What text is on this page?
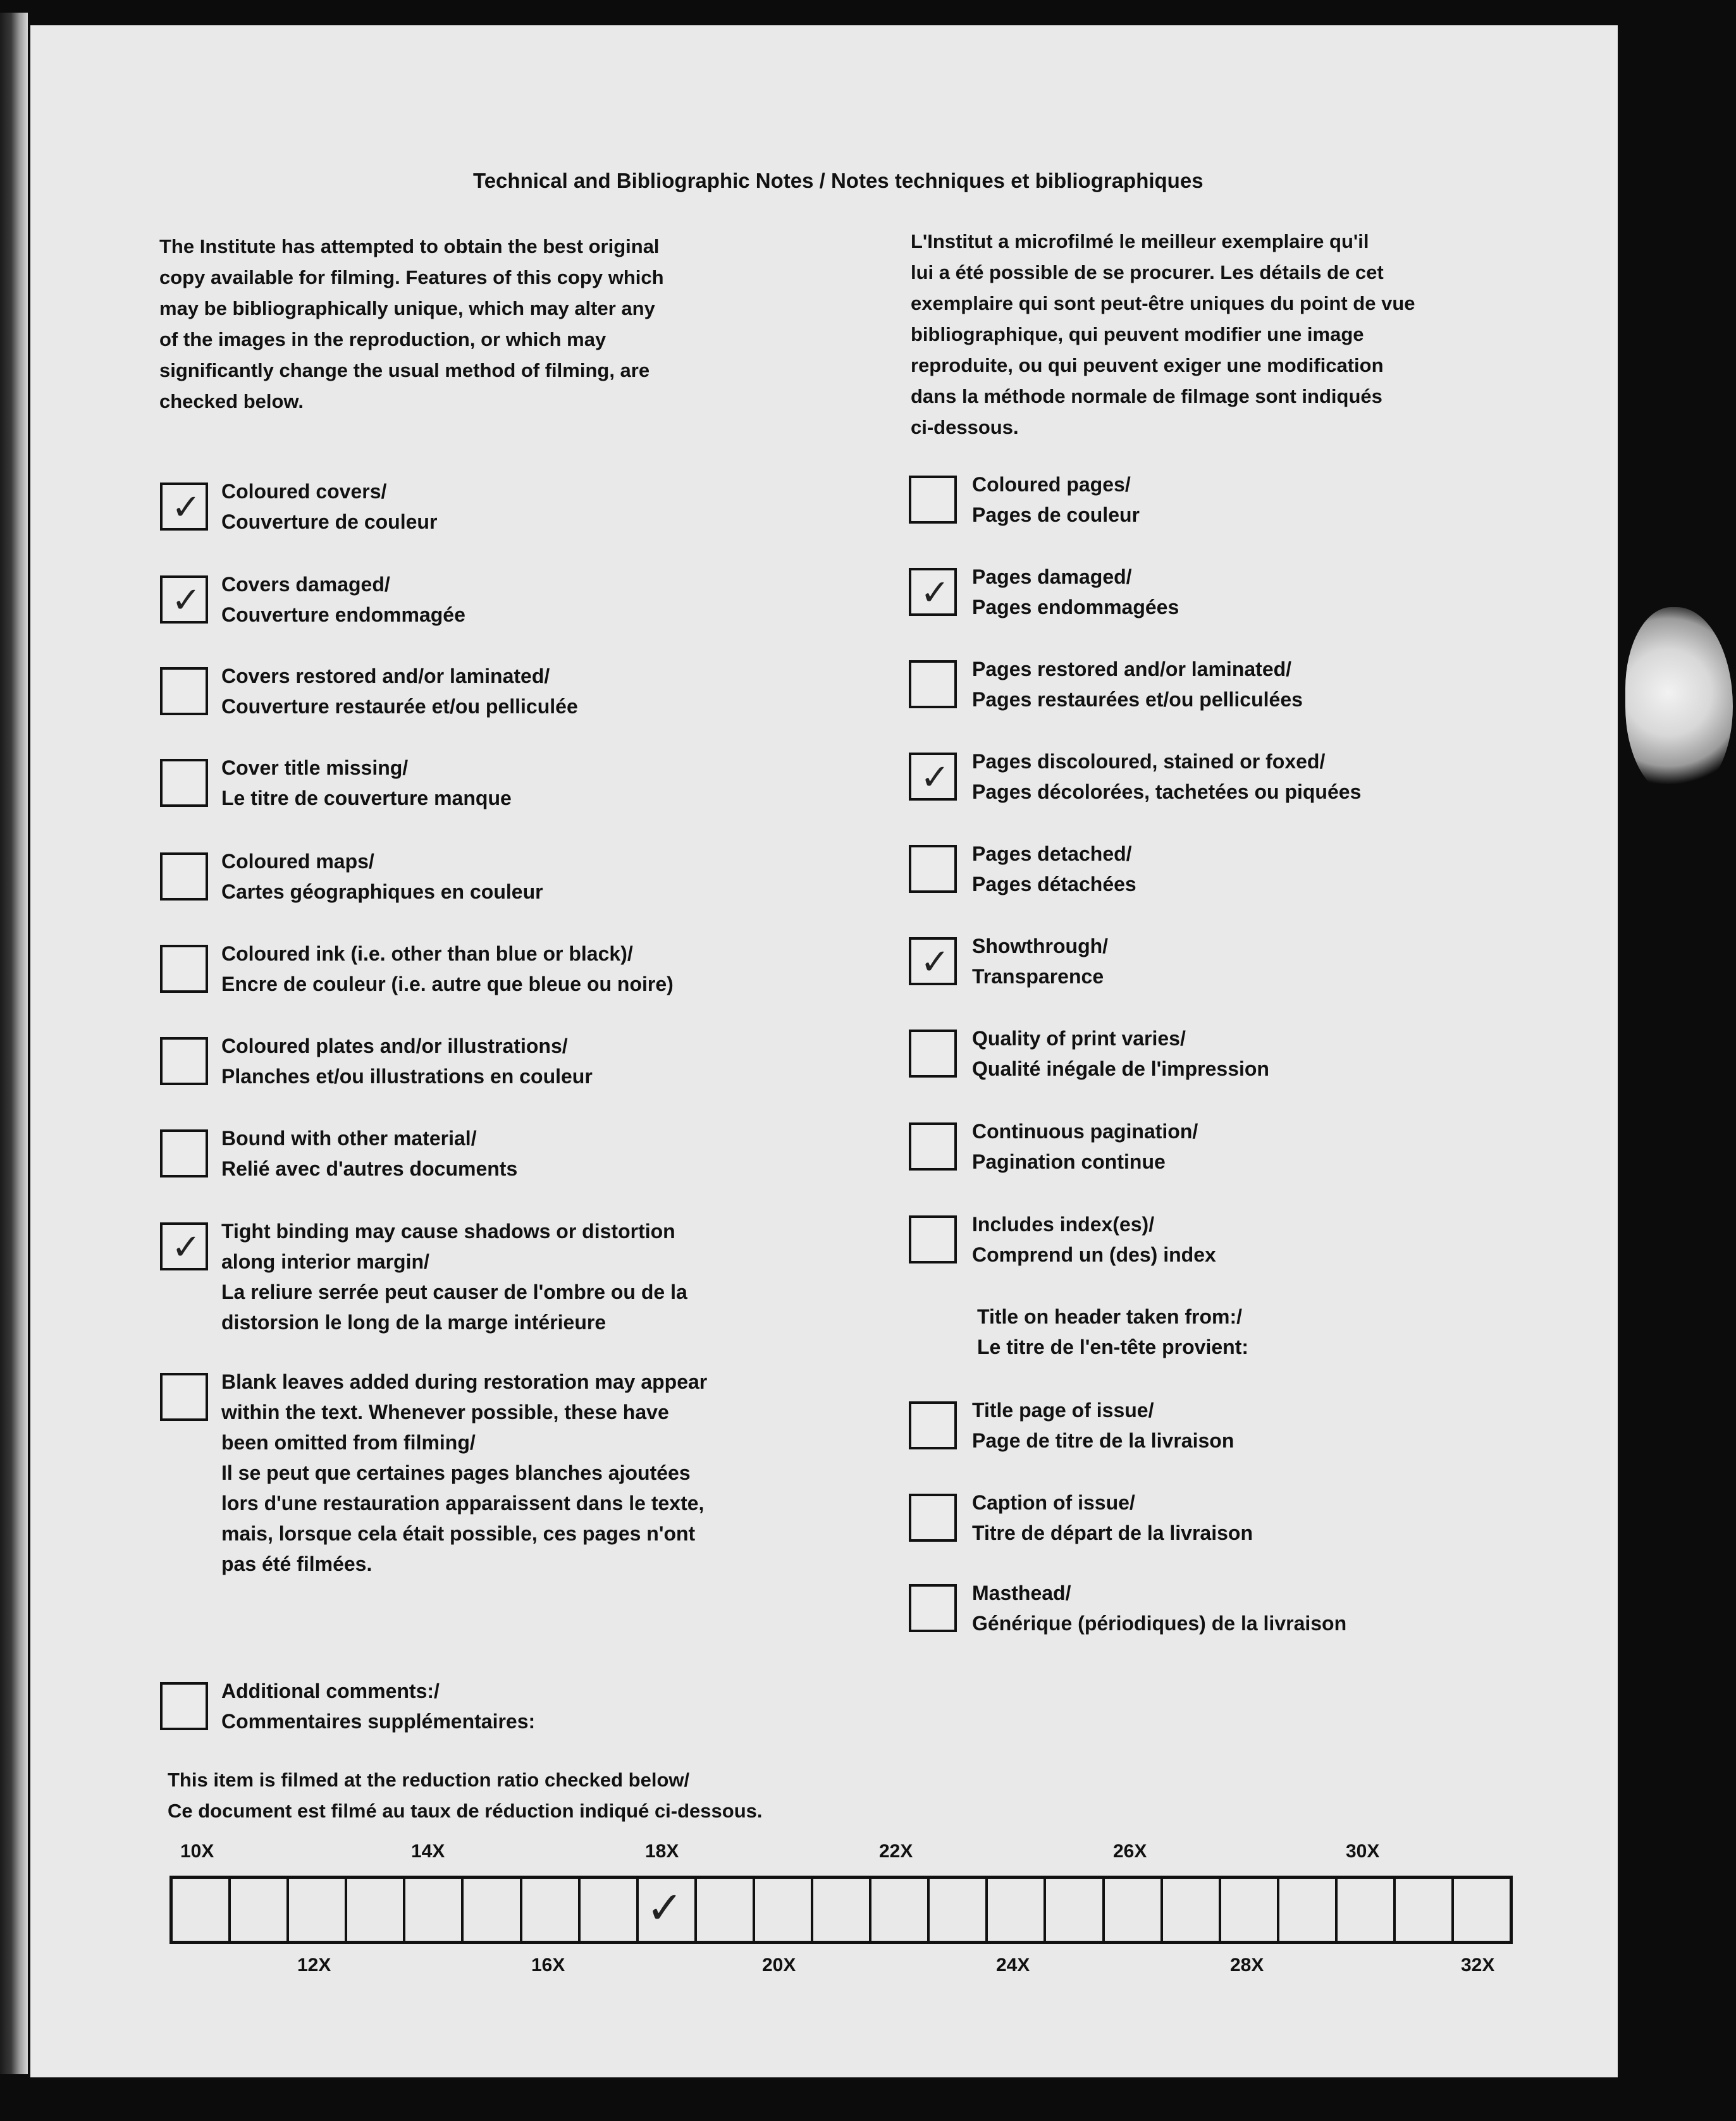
Technical and Bibliographic Notes / Notes techniques et bibliographiques
The Institute has attempted to obtain the best original
copy available for filming. Features of this copy which
may be bibliographically unique, which may alter any
of the images in the reproduction, or which may
significantly change the usual method of filming, are
checked below.
L'Institut a microfilmé le meilleur exemplaire qu'il
lui a été possible de se procurer. Les détails de cet
exemplaire qui sont peut-être uniques du point de vue
bibliographique, qui peuvent modifier une image
reproduite, ou qui peuvent exiger une modification
dans la méthode normale de filmage sont indiqués
ci-dessous.
✓ Coloured covers/
Couverture de couleur
✓ Covers damaged/
Couverture endommagée
Covers restored and/or laminated/
Couverture restaurée et/ou pelliculée
Cover title missing/
Le titre de couverture manque
Coloured maps/
Cartes géographiques en couleur
Coloured ink (i.e. other than blue or black)/
Encre de couleur (i.e. autre que bleue ou noire)
Coloured plates and/or illustrations/
Planches et/ou illustrations en couleur
Bound with other material/
Relié avec d'autres documents
✓ Tight binding may cause shadows or distortion
along interior margin/
La reliure serrée peut causer de l'ombre ou de la
distorsion le long de la marge intérieure
Blank leaves added during restoration may appear
within the text. Whenever possible, these have
been omitted from filming/
Il se peut que certaines pages blanches ajoutées
lors d'une restauration apparaissent dans le texte,
mais, lorsque cela était possible, ces pages n'ont
pas été filmées.
Additional comments:/
Commentaires supplémentaires:
Coloured pages/
Pages de couleur
✓ Pages damaged/
Pages endommagées
Pages restored and/or laminated/
Pages restaurées et/ou pelliculées
✓ Pages discoloured, stained or foxed/
Pages décolorées, tachetées ou piquées
Pages detached/
Pages détachées
✓ Showthrough/
Transparence
Quality of print varies/
Qualité inégale de l'impression
Continuous pagination/
Pagination continue
Includes index(es)/
Comprend un (des) index
Title page of issue/
Page de titre de la livraison
Caption of issue/
Titre de départ de la livraison
Masthead/
Générique (périodiques) de la livraison
Title on header taken from:/
Le titre de l'en-tête provient:
This item is filmed at the reduction ratio checked below/
Ce document est filmé au taux de réduction indiqué ci-dessous.
10X	14X	18X	22X	26X	30X
12X	16X	20X	24X	28X	32X
✓
